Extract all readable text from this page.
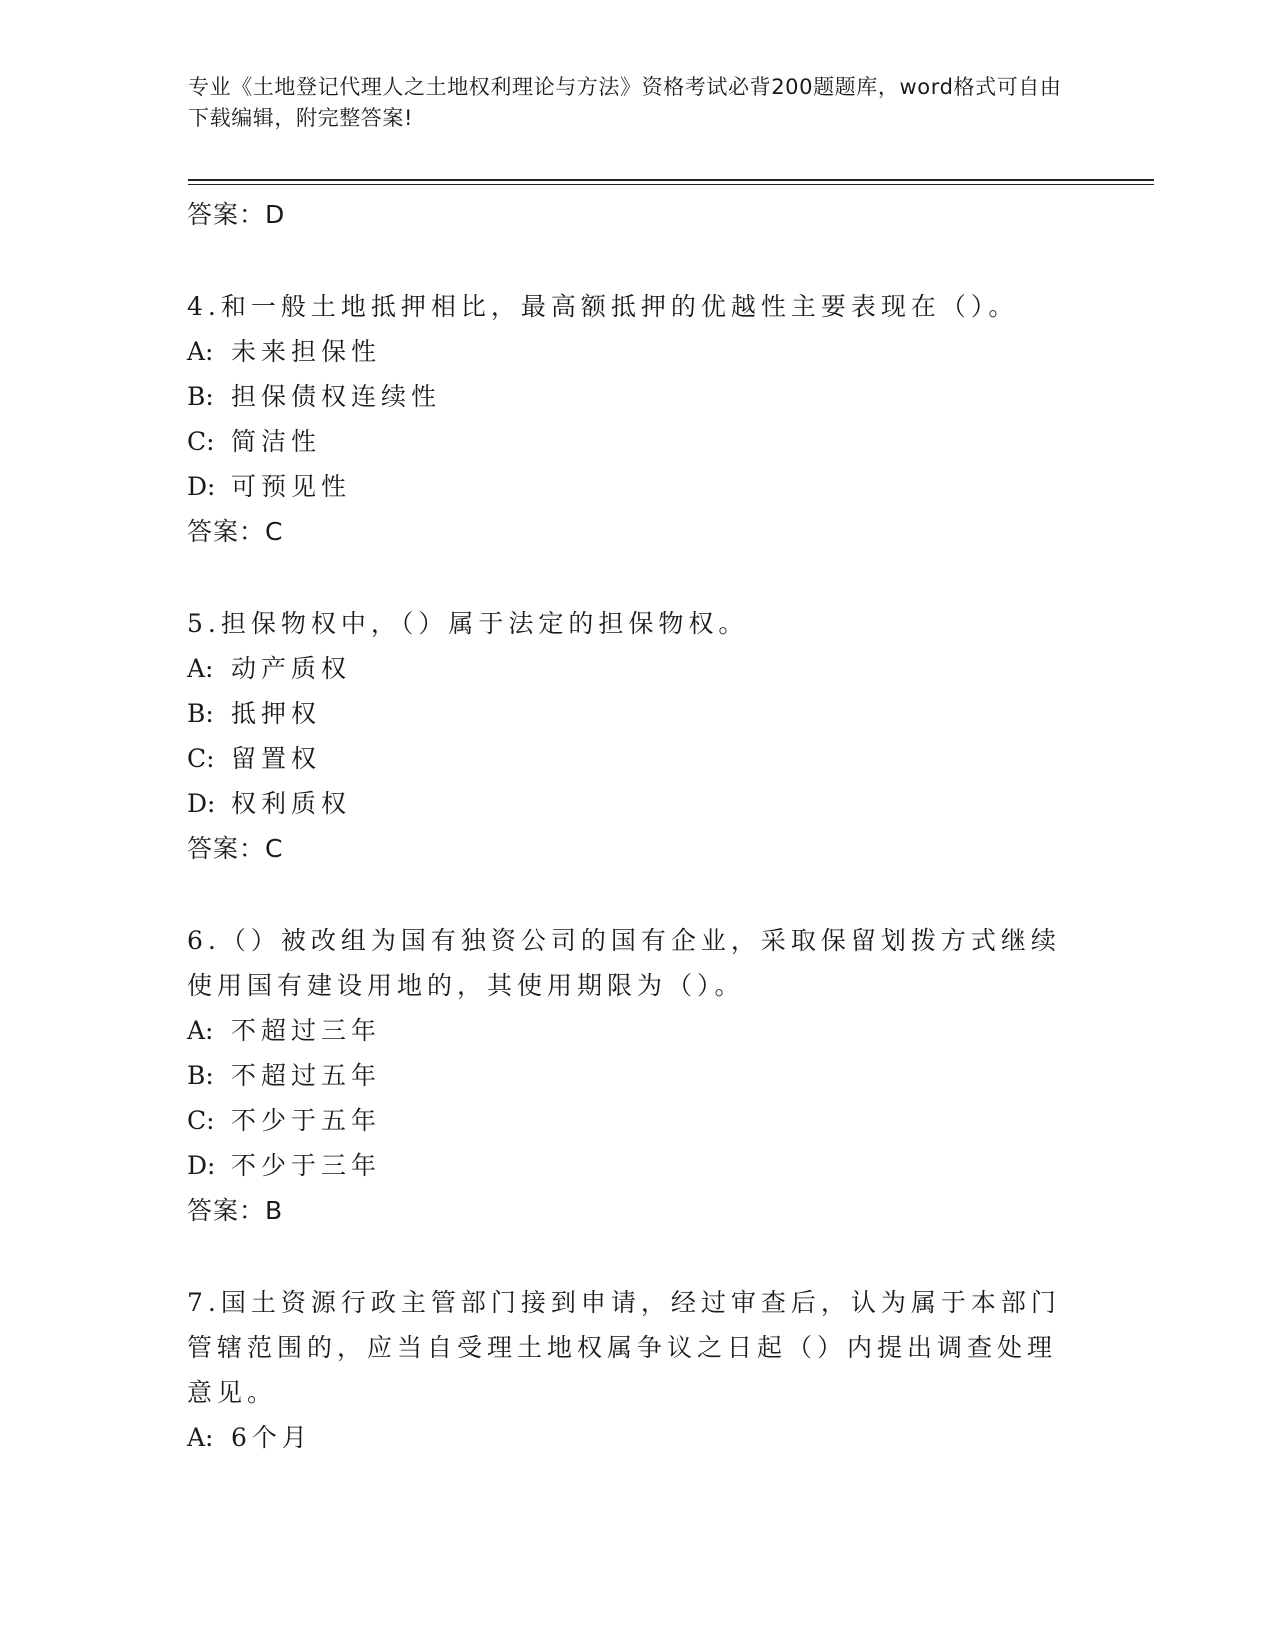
专业《土地登记代理人之土地权利理论与方法》资格考试必背200题题库，word格式可自由下载编辑，附完整答案!

答案：D

4.和一般土地抵押相比，最高额抵押的优越性主要表现在（）。

A: 未来担保性

B: 担保债权连续性

C: 简洁性

D: 可预见性

答案：C

5.担保物权中，（）属于法定的担保物权。

A: 动产质权

B: 抵押权

C: 留置权

D: 权利质权

答案：C

6.（）被改组为国有独资公司的国有企业，采取保留划拨方式继续使用国有建设用地的，其使用期限为（）。

A: 不超过三年

B: 不超过五年

C: 不少于五年

D: 不少于三年

答案：B

7.国土资源行政主管部门接到申请，经过审查后，认为属于本部门管辖范围的，应当自受理土地权属争议之日起（）内提出调查处理意见。

A: 6个月
